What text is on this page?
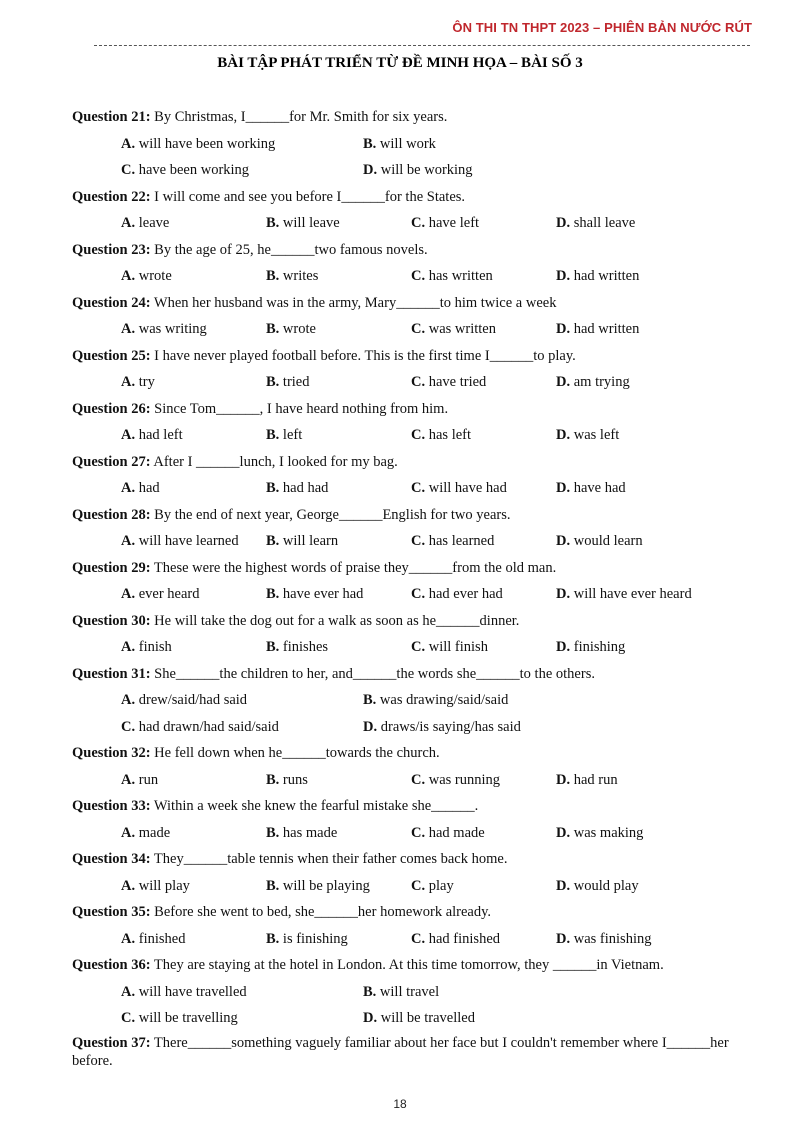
ÔN THI TN THPT 2023 – PHIÊN BẢN NƯỚC RÚT
BÀI TẬP PHÁT TRIỂN TỪ ĐỀ MINH HỌA – BÀI SỐ 3
Question 21: By Christmas, I______for Mr. Smith for six years.
A. will have been working	B. will work
C. have been working	D. will be working
Question 22: I will come and see you before I______for the States.
A. leave	B. will leave	C. have left	D. shall leave
Question 23: By the age of 25, he______two famous novels.
A. wrote	B. writes	C. has written	D. had written
Question 24: When her husband was in the army, Mary______to him twice a week
A. was writing	B. wrote	C. was written	D. had written
Question 25: I have never played football before. This is the first time I______to play.
A. try	B. tried	C. have tried	D. am trying
Question 26: Since Tom______, I have heard nothing from him.
A. had left	B. left	C. has left	D. was left
Question 27: After I ______lunch, I looked for my bag.
A. had	B. had had	C. will have had	D. have had
Question 28: By the end of next year, George______English for two years.
A. will have learned B. will learn	C. has learned	D. would learn
Question 29: These were the highest words of praise they______from the old man.
A. ever heard	B. have ever had	C. had ever had	D. will have ever heard
Question 30: He will take the dog out for a walk as soon as he______dinner.
A. finish	B. finishes	C. will finish	D. finishing
Question 31: She______the children to her, and______the words she______to the others.
A. drew/said/had said	B. was drawing/said/said
C. had drawn/had said/said	D. draws/is saying/has said
Question 32: He fell down when he______towards the church.
A. run	B. runs	C. was running	D. had run
Question 33: Within a week she knew the fearful mistake she______.
A. made	B. has made	C. had made	D. was making
Question 34: They______table tennis when their father comes back home.
A. will play	B. will be playing	C. play	D. would play
Question 35: Before she went to bed, she______her homework already.
A. finished	B. is finishing	C. had finished	D. was finishing
Question 36: They are staying at the hotel in London. At this time tomorrow, they ______in Vietnam.
A. will have travelled	B. will travel
C. will be travelling	D. will be travelled
Question 37: There______something vaguely familiar about her face but I couldn't remember where I______her before.
18
